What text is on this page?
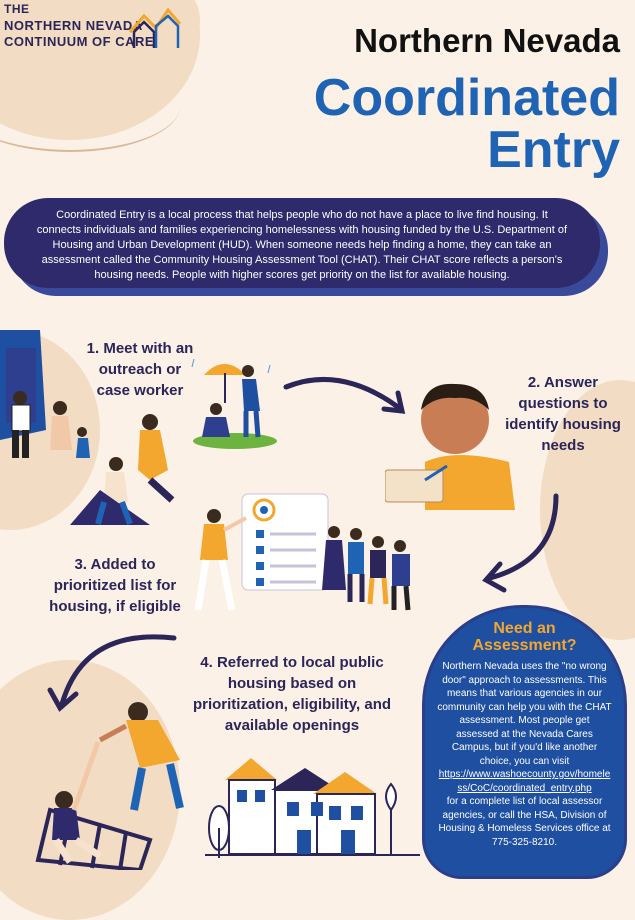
THE
NORTHERN NEVADA
CONTINUUM OF CARE	Northern Nevada
Coordinated
Entry
Coordinated Entry is a local process that helps people who do not have a place to live find housing. It connects individuals and families experiencing homelessness with housing funded by the U.S. Department of Housing and Urban Development (HUD). When someone needs help finding a home, they can take an assessment called the Community Housing Assessment Tool (CHAT). Their CHAT score reflects a person's housing needs. People with higher scores get priority on the list for available housing.
1. Meet with an
outreach or
case worker	2. Answer
questions to
identify housing
needs
3. Added to
prioritized list for
housing, if eligible
4. Referred to local public
housing based on
prioritization, eligibility, and
available openings
Need an
Assessment?

Northern Nevada uses the "no wrong door" approach to assessments. This means that various agencies in our community can help you with the CHAT assessment. Most people get assessed at the Nevada Cares Campus, but if you'd like another choice, you can visit
https://www.washoecounty.gov/homeless/CoC/coordinated_entry.php
for a complete list of local assessor agencies, or call the HSA, Division of Housing & Homeless Services office at
775-325-8210.
